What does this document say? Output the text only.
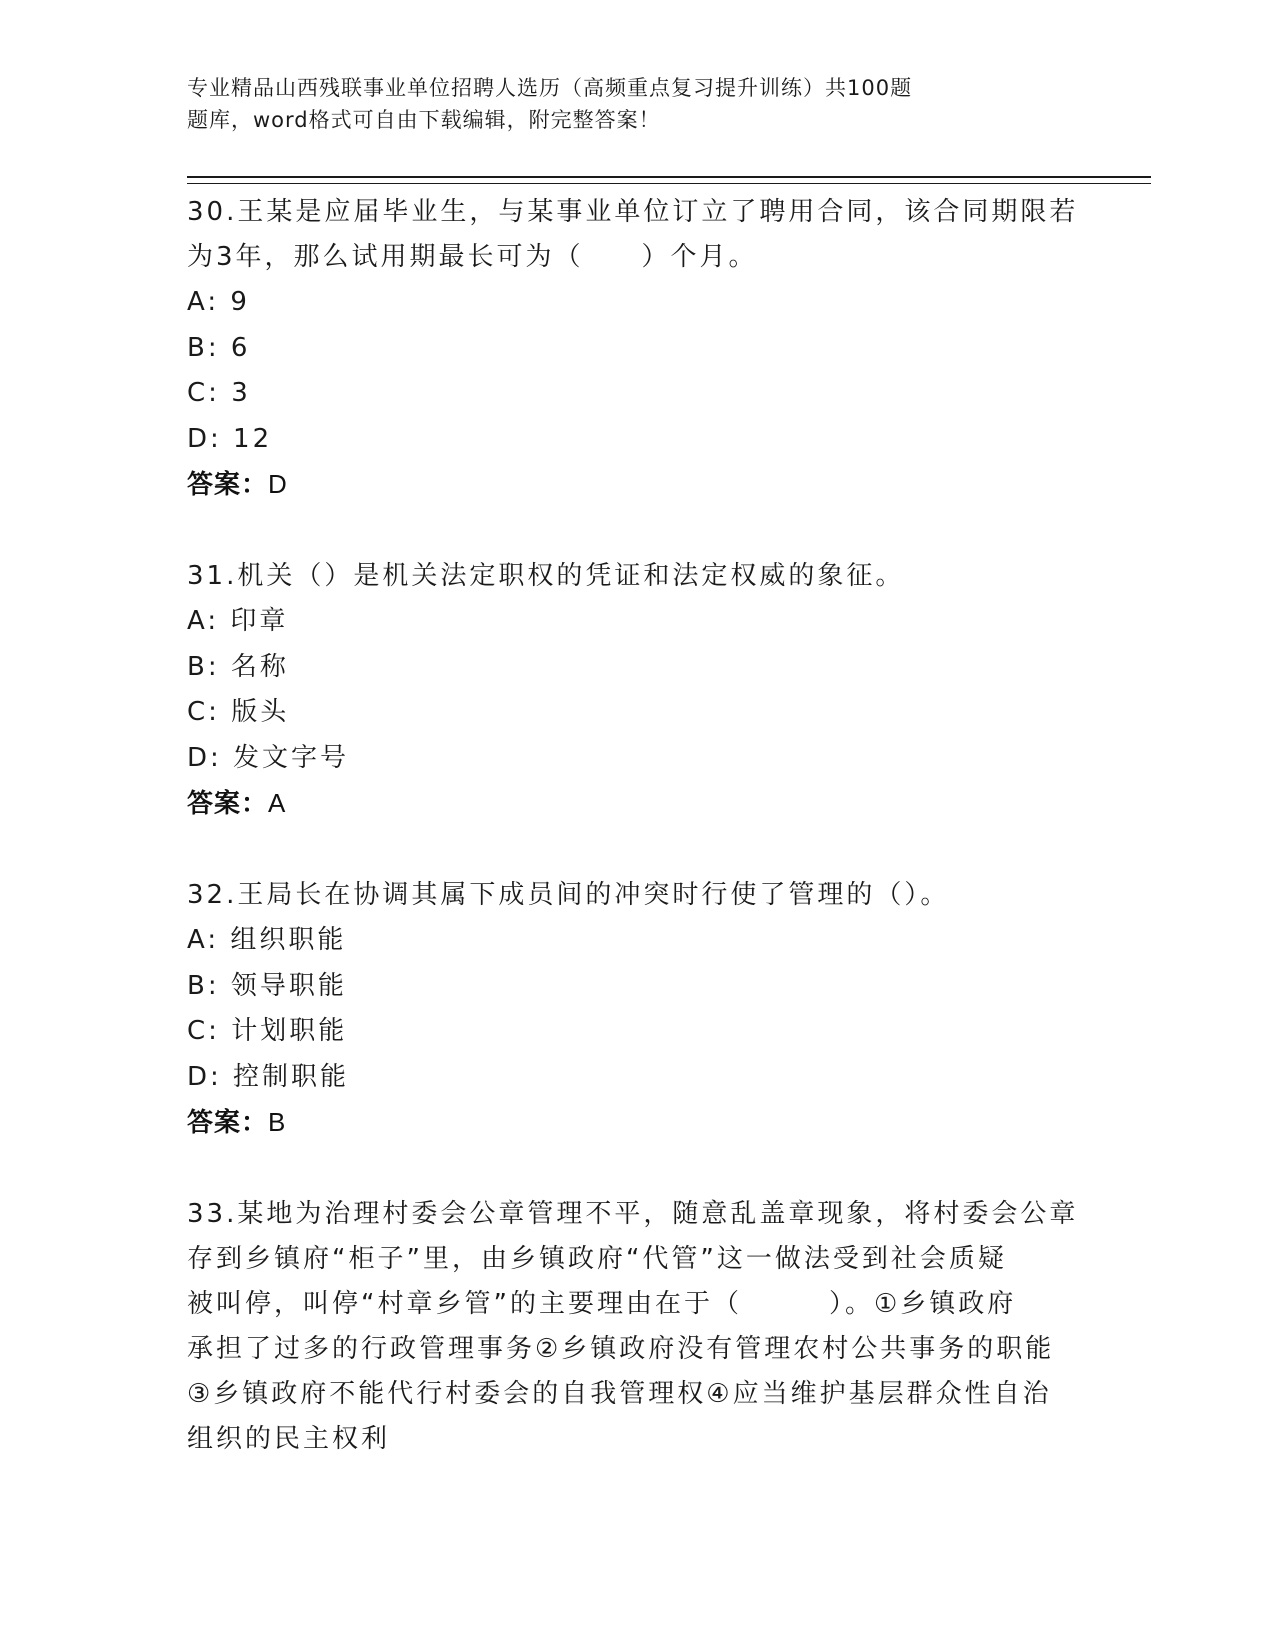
专业精品山西残联事业单位招聘人选历（高频重点复习提升训练）共100题
题库，word格式可自由下载编辑，附完整答案！
30.王某是应届毕业生，与某事业单位订立了聘用合同，该合同期限若
为3年，那么试用期最长可为（　　）个月。
A: 9
B: 6
C: 3
D: 12
答案：D
31.机关（）是机关法定职权的凭证和法定权威的象征。
A: 印章
B: 名称
C: 版头
D: 发文字号
答案：A
32.王局长在协调其属下成员间的冲突时行使了管理的（）。
A: 组织职能
B: 领导职能
C: 计划职能
D: 控制职能
答案：B
33.某地为治理村委会公章管理不平，随意乱盖章现象，将村委会公章
存到乡镇府“柜子”里，由乡镇政府“代管”这一做法受到社会质疑
被叫停，叫停“村章乡管”的主要理由在于（　　　）。①乡镇政府
承担了过多的行政管理事务②乡镇政府没有管理农村公共事务的职能
③乡镇政府不能代行村委会的自我管理权④应当维护基层群众性自治
组织的民主权利
